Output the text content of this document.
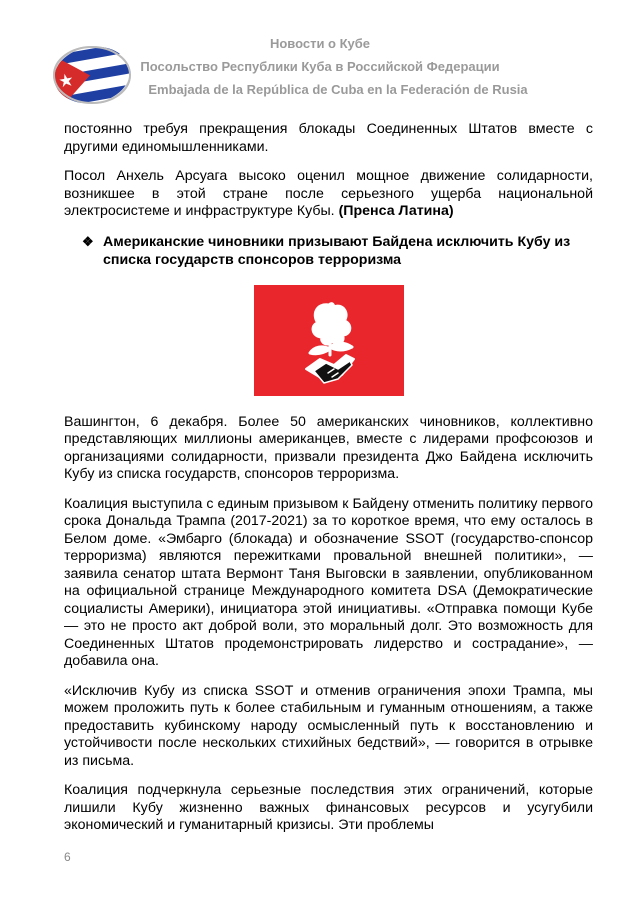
Новости о Кубе
Посольство Республики Куба в Российской Федерации
Embajada de la República de Cuba en la Federación de Rusia

постоянно требуя прекращения блокады Соединенных Штатов вместе с другими единомышленниками.

Посол Анхель Арсуага высоко оценил мощное движение солидарности, возникшее в этой стране после серьезного ущерба национальной электросистеме и инфраструктуре Кубы. (Пренса Латина)

❖ Американские чиновники призывают Байдена исключить Кубу из списка государств спонсоров терроризма

Вашингтон, 6 декабря. Более 50 американских чиновников, коллективно представляющих миллионы американцев, вместе с лидерами профсоюзов и организациями солидарности, призвали президента Джо Байдена исключить Кубу из списка государств, спонсоров терроризма.

Коалиция выступила с единым призывом к Байдену отменить политику первого срока Дональда Трампа (2017-2021) за то короткое время, что ему осталось в Белом доме. «Эмбарго (блокада) и обозначение SSOT (государство-спонсор терроризма) являются пережитками провальной внешней политики», — заявила сенатор штата Вермонт Таня Выговски в заявлении, опубликованном на официальной странице Международного комитета DSA (Демократические социалисты Америки), инициатора этой инициативы. «Отправка помощи Кубе — это не просто акт доброй воли, это моральный долг. Это возможность для Соединенных Штатов продемонстрировать лидерство и сострадание», — добавила она.

«Исключив Кубу из списка SSOT и отменив ограничения эпохи Трампа, мы можем проложить путь к более стабильным и гуманным отношениям, а также предоставить кубинскому народу осмысленный путь к восстановлению и устойчивости после нескольких стихийных бедствий», — говорится в отрывке из письма.

Коалиция подчеркнула серьезные последствия этих ограничений, которые лишили Кубу жизненно важных финансовых ресурсов и усугубили экономический и гуманитарный кризисы. Эти проблемы

6
